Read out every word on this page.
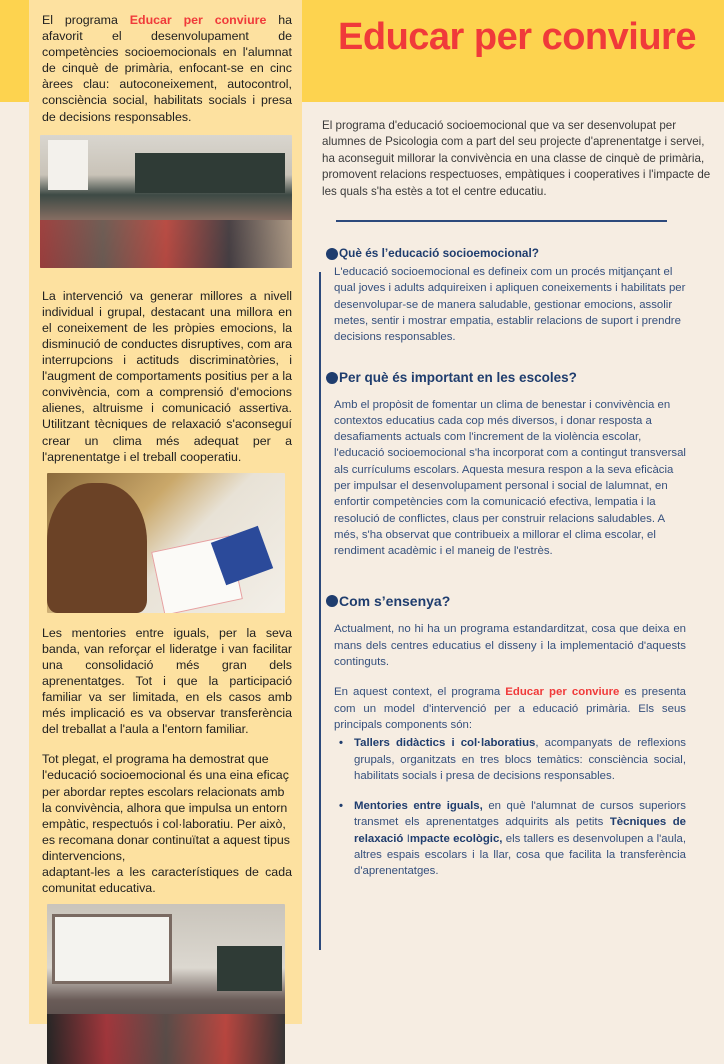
El programa Educar per conviure ha afavorit el desenvolupament de competències socioemocionals en l'alumnat de cinquè de primària, enfocant-se en cinc àrees clau: autoconeixement, autocontrol, consciència social, habilitats socials i presa de decisions responsables.

La intervenció va generar millores a nivell individual i grupal, destacant una millora en el coneixement de les pròpies emocions, la disminució de conductes disruptives, com ara interrupcions i actituds discriminatòries, i l'augment de comportaments positius per a la convivència, com a comprensió d'emocions alienes, altruisme i comunicació assertiva. Utilitzant tècniques de relaxació s'aconseguí crear un clima més adequat per a l'aprenentatge i el treball cooperatiu.

Les mentories entre iguals, per la seva banda, van reforçar el lideratge i van facilitar una consolidació més gran dels aprenentatges. Tot i que la participació familiar va ser limitada, en els casos amb més implicació es va observar transferència del treballat a l'aula a l'entorn familiar.

Tot plegat, el programa ha demostrat que l'educació socioemocional és una eina eficaç per abordar reptes escolars relacionats amb la convivència, alhora que impulsa un entorn empàtic, respectuós i col·laboratiu. Per això, es recomana donar continuïtat a aquest tipus dintervencions,

adaptant-les a les característiques de cada comunitat educativa.

Educar per conviure

El programa d'educació socioemocional que va ser desenvolupat per alumnes de Psicologia com a part del seu projecte d'aprenentatge i servei, ha aconseguit millorar la convivència en una classe de cinquè de primària, promovent relacions respectuoses, empàtiques i cooperatives i l'impacte de les quals s'ha estès a tot el centre educatiu.

Què és l’educació socioemocional?

L'educació socioemocional es defineix com un procés mitjançant el qual joves i adults adquireixen i apliquen coneixements i habilitats per desenvolupar-se de manera saludable, gestionar emocions, assolir metes, sentir i mostrar empatia, establir relacions de suport i prendre decisions responsables.

Per què és important en les escoles?

Amb el propòsit de fomentar un clima de benestar i convivència en contextos educatius cada cop més diversos, i donar resposta a desafiaments actuals com l'increment de la violència escolar, l'educació socioemocional s'ha incorporat com a contingut transversal als currículums escolars. Aquesta mesura respon a la seva eficàcia per impulsar el desenvolupament personal i social de lalumnat, en enfortir competències com la comunicació efectiva, lempatia i la resolució de conflictes, claus per construir relacions saludables. A més, s'ha observat que contribueix a millorar el clima escolar, el rendiment acadèmic i el maneig de l'estrès.

Com s’ensenya?

Actualment, no hi ha un programa estandarditzat, cosa que deixa en mans dels centres educatius el disseny i la implementació d'aquests continguts.

En aquest context, el programa Educar per conviure es presenta com un model d'intervenció per a educació primària. Els seus principals components són:

• Tallers didàctics i col·laboratius, acompanyats de reflexions grupals, organitzats en tres blocs temàtics: consciència social, habilitats socials i presa de decisions responsables.
• Mentories entre iguals, en què l'alumnat de cursos superiors transmet els aprenentatges adquirits als petits Tècniques de relaxació Impacte ecològic, els tallers es desenvolupen a l'aula, altres espais escolars i la llar, cosa que facilita la transferència d'aprenentatges.
